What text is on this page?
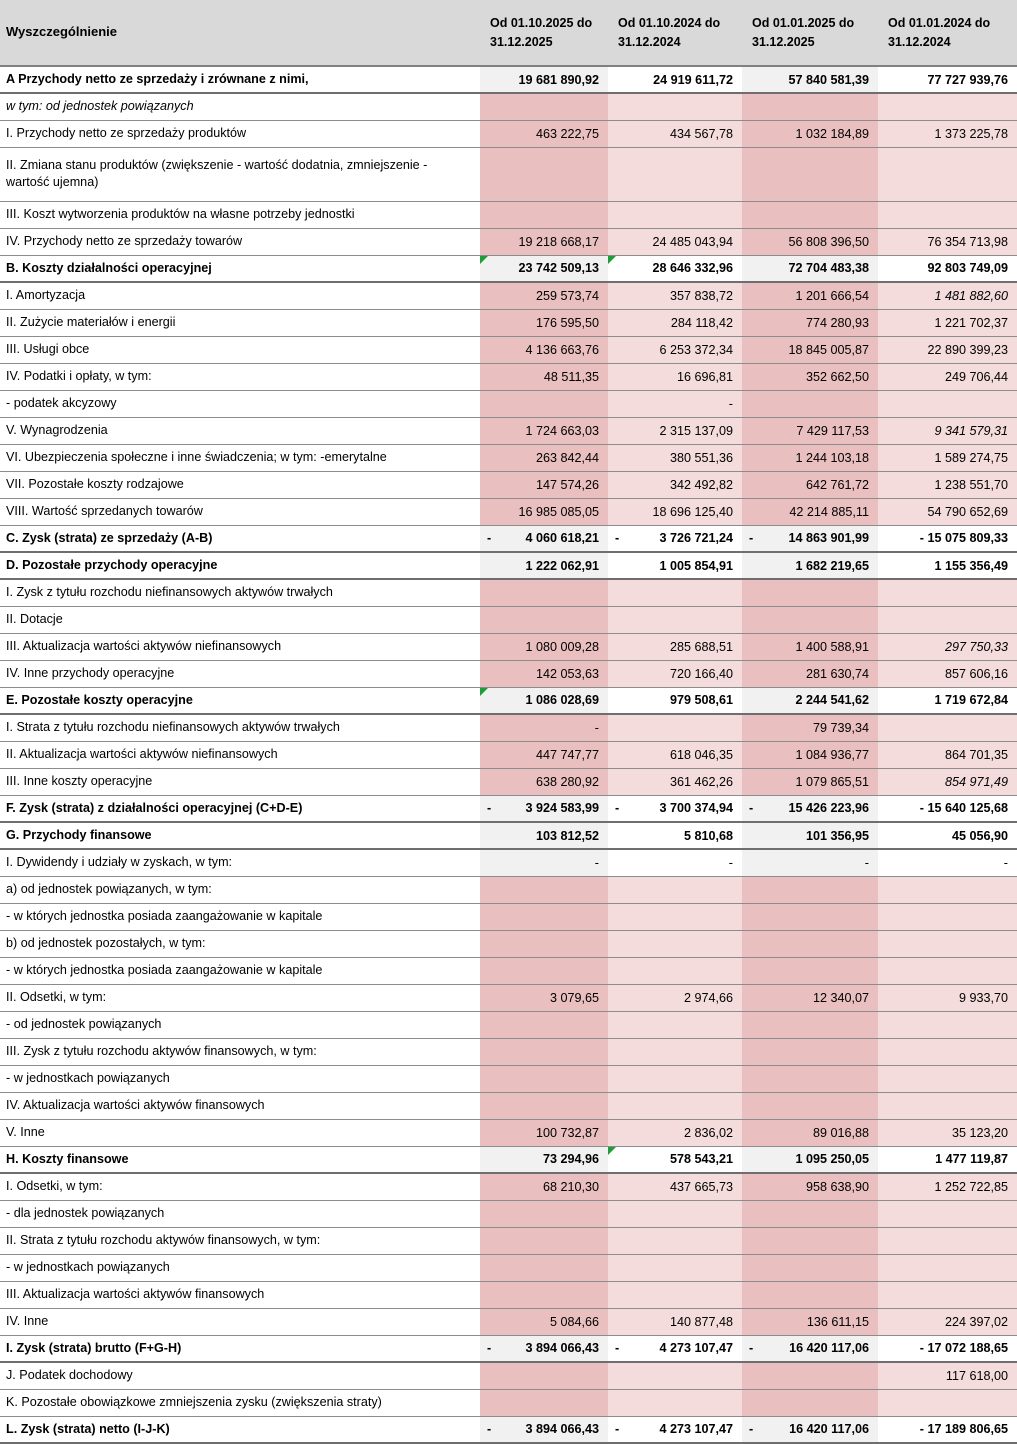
Wyszczególnienie	Od 01.10.2025 do 31.12.2025	Od 01.10.2024 do 31.12.2024	Od 01.01.2025 do 31.12.2025	Od 01.01.2024 do 31.12.2024
A Przychody netto ze sprzedaży i zrównane z nimi,	19 681 890,92	24 919 611,72	57 840 581,39	77 727 939,76
w tym: od jednostek powiązanych				
I. Przychody netto ze sprzedaży produktów	463 222,75	434 567,78	1 032 184,89	1 373 225,78
II. Zmiana stanu produktów (zwiększenie - wartość dodatnia, zmniejszenie - wartość ujemna)				
III. Koszt wytworzenia produktów na własne potrzeby jednostki				
IV. Przychody netto ze sprzedaży towarów	19 218 668,17	24 485 043,94	56 808 396,50	76 354 713,98
B. Koszty działalności operacyjnej	23 742 509,13	28 646 332,96	72 704 483,38	92 803 749,09
I. Amortyzacja	259 573,74	357 838,72	1 201 666,54	1 481 882,60
II. Zużycie materiałów i energii	176 595,50	284 118,42	774 280,93	1 221 702,37
III. Usługi obce	4 136 663,76	6 253 372,34	18 845 005,87	22 890 399,23
IV. Podatki i opłaty, w tym:	48 511,35	16 696,81	352 662,50	249 706,44
- podatek akcyzowy		-		
V. Wynagrodzenia	1 724 663,03	2 315 137,09	7 429 117,53	9 341 579,31
VI. Ubezpieczenia społeczne i inne świadczenia; w tym: -emerytalne	263 842,44	380 551,36	1 244 103,18	1 589 274,75
VII. Pozostałe koszty rodzajowe	147 574,26	342 492,82	642 761,72	1 238 551,70
VIII. Wartość sprzedanych towarów	16 985 085,05	18 696 125,40	42 214 885,11	54 790 652,69
C. Zysk (strata) ze sprzedaży (A-B)	- 4 060 618,21	- 3 726 721,24	- 14 863 901,99	- 15 075 809,33
D. Pozostałe przychody operacyjne	1 222 062,91	1 005 854,91	1 682 219,65	1 155 356,49
I. Zysk z tytułu rozchodu niefinansowych aktywów trwałych				
II. Dotacje				
III. Aktualizacja wartości aktywów niefinansowych	1 080 009,28	285 688,51	1 400 588,91	297 750,33
IV. Inne przychody operacyjne	142 053,63	720 166,40	281 630,74	857 606,16
E. Pozostałe koszty operacyjne	1 086 028,69	979 508,61	2 244 541,62	1 719 672,84
I. Strata z tytułu rozchodu niefinansowych aktywów trwałych	-		79 739,34	
II. Aktualizacja wartości aktywów niefinansowych	447 747,77	618 046,35	1 084 936,77	864 701,35
III. Inne koszty operacyjne	638 280,92	361 462,26	1 079 865,51	854 971,49
F. Zysk (strata) z działalności operacyjnej (C+D-E)	- 3 924 583,99	- 3 700 374,94	- 15 426 223,96	- 15 640 125,68
G. Przychody finansowe	103 812,52	5 810,68	101 356,95	45 056,90
I. Dywidendy i udziały w zyskach, w tym:	-	-	-	-
a) od jednostek powiązanych, w tym:				
- w których jednostka posiada zaangażowanie w kapitale				
b) od jednostek pozostałych, w tym:				
- w których jednostka posiada zaangażowanie w kapitale				
II. Odsetki, w tym:	3 079,65	2 974,66	12 340,07	9 933,70
- od jednostek powiązanych				
III. Zysk z tytułu rozchodu aktywów finansowych, w tym:				
- w jednostkach powiązanych				
IV. Aktualizacja wartości aktywów finansowych				
V. Inne	100 732,87	2 836,02	89 016,88	35 123,20
H. Koszty finansowe	73 294,96	578 543,21	1 095 250,05	1 477 119,87
I. Odsetki, w tym:	68 210,30	437 665,73	958 638,90	1 252 722,85
- dla jednostek powiązanych				
II. Strata z tytułu rozchodu aktywów finansowych, w tym:				
- w jednostkach powiązanych				
III. Aktualizacja wartości aktywów finansowych				
IV. Inne	5 084,66	140 877,48	136 611,15	224 397,02
I. Zysk (strata) brutto (F+G-H)	- 3 894 066,43	- 4 273 107,47	- 16 420 117,06	- 17 072 188,65
J. Podatek dochodowy				117 618,00
K. Pozostałe obowiązkowe zmniejszenia zysku (zwiększenia straty)				
L. Zysk (strata) netto (I-J-K)	- 3 894 066,43	- 4 273 107,47	- 16 420 117,06	- 17 189 806,65
